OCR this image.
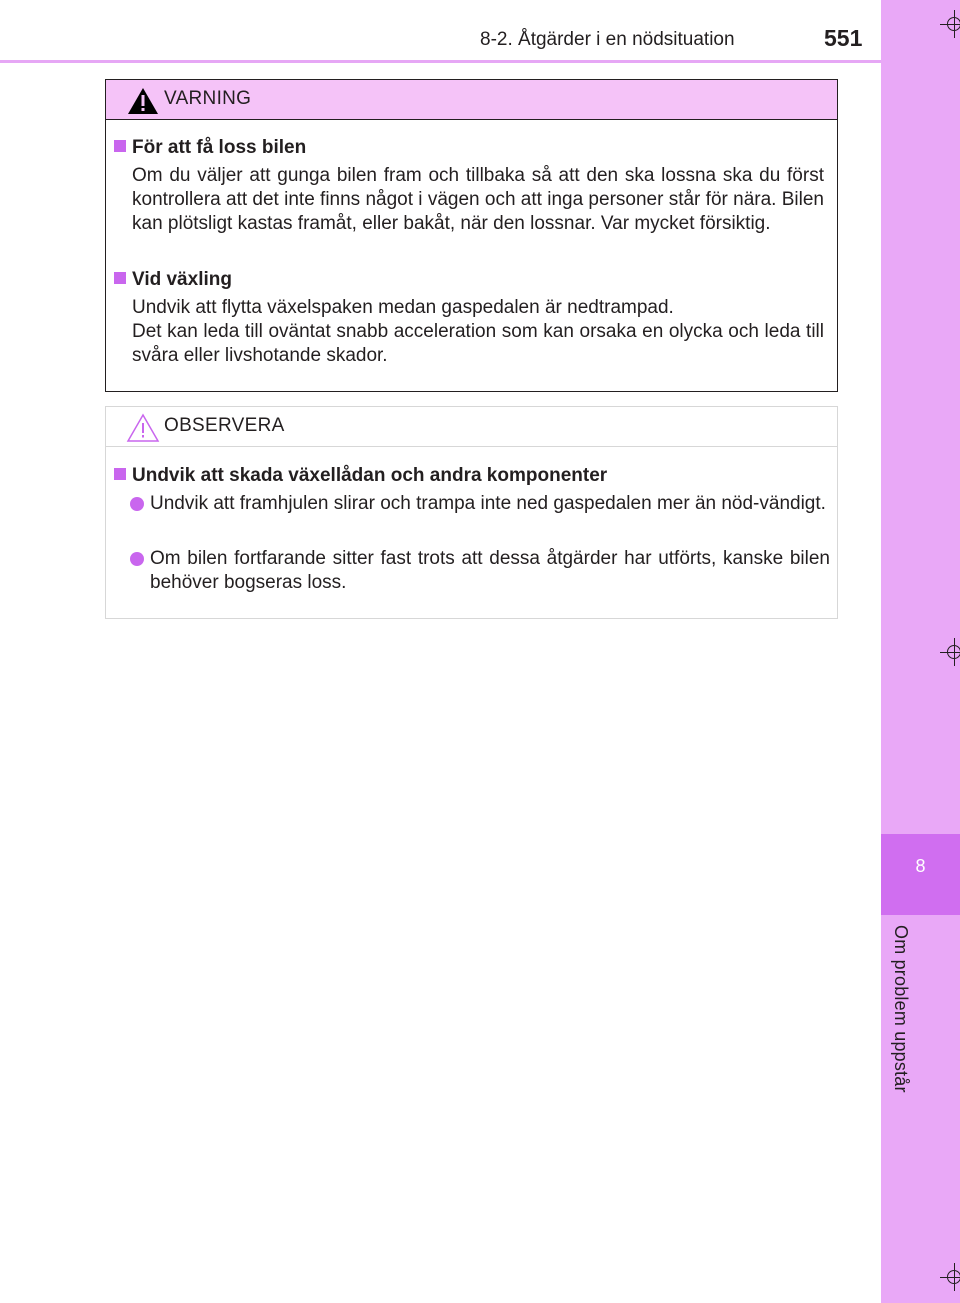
8-2. Åtgärder i en nödsituation	551
8
Om problem uppstår
VARNING
För att få loss bilen
Om du väljer att gunga bilen fram och tillbaka så att den ska lossna ska du först kontrollera att det inte finns något i vägen och att inga personer står för nära. Bilen kan plötsligt kastas framåt, eller bakåt, när den lossnar. Var mycket försiktig.
Vid växling
Undvik att flytta växelspaken medan gaspedalen är nedtrampad.
Det kan leda till oväntat snabb acceleration som kan orsaka en olycka och leda till svåra eller livshotande skador.
OBSERVERA
Undvik att skada växellådan och andra komponenter
Undvik att framhjulen slirar och trampa inte ned gaspedalen mer än nöd-vändigt.
Om bilen fortfarande sitter fast trots att dessa åtgärder har utförts, kanske bilen behöver bogseras loss.
